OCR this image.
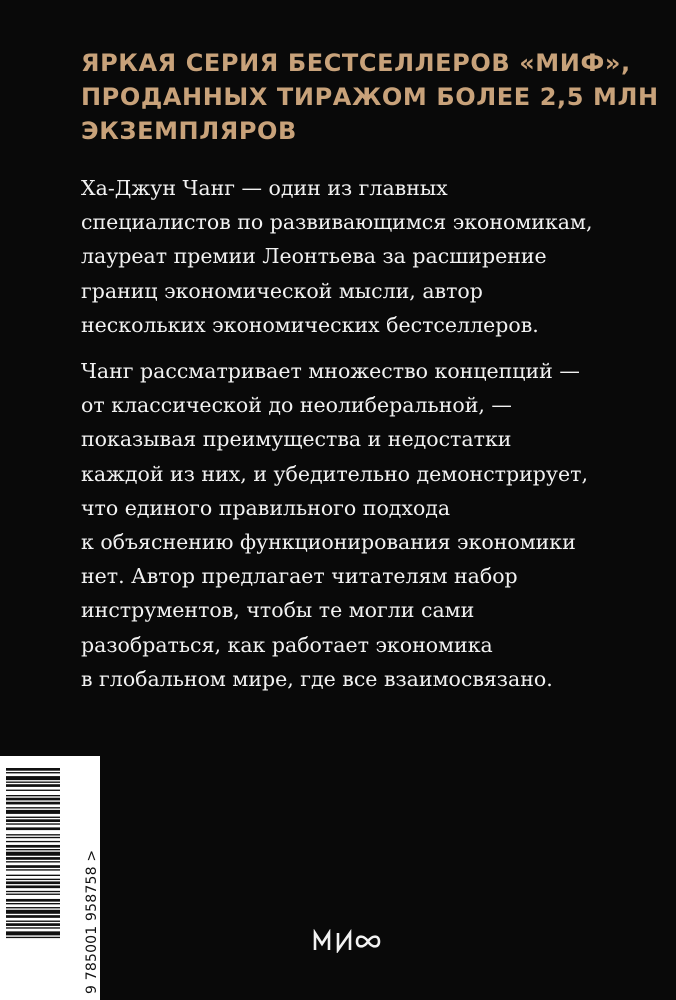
ЯРКАЯ СЕРИЯ БЕСТСЕЛЛЕРОВ «МИФ»,
ПРОДАННЫХ ТИРАЖОМ БОЛЕЕ 2,5 МЛН
ЭКЗЕМПЛЯРОВ
Ха-Джун Чанг — один из главных
специалистов по развивающимся экономикам,
лауреат премии Леонтьева за расширение
границ экономической мысли, автор
нескольких экономических бестселлеров.
Чанг рассматривает множество концепций —
от классической до неолиберальной, —
показывая преимущества и недостатки
каждой из них, и убедительно демонстрирует,
что единого правильного подхода
к объяснению функционирования экономики
нет. Автор предлагает читателям набор
инструментов, чтобы те могли сами
разобраться, как работает экономика
в глобальном мире, где все взаимосвязано.
9 785001 958758 >
